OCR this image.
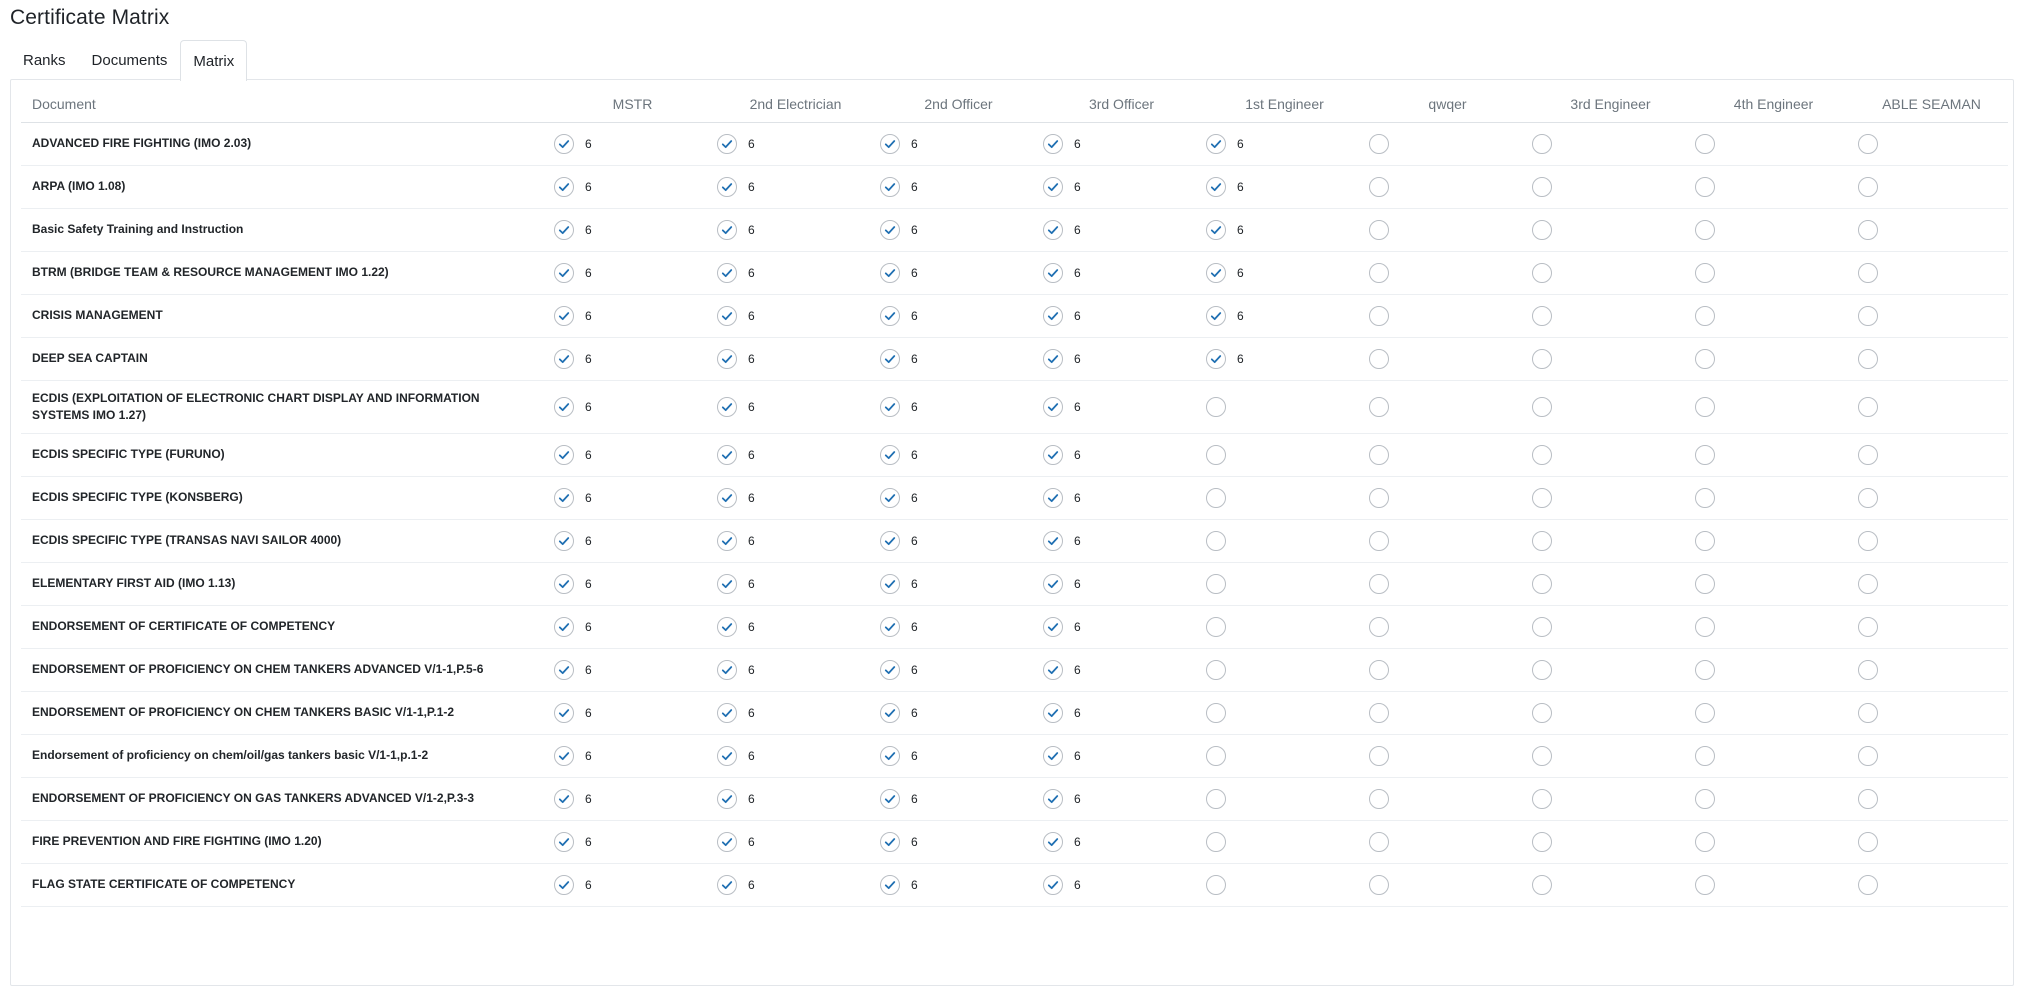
Certificate Matrix
Ranks	Documents	Matrix
Document	MSTR	2nd Electrician	2nd Officer	3rd Officer	1st Engineer	qwqer	3rd Engineer	4th Engineer	ABLE SEAMAN
ADVANCED FIRE FIGHTING (IMO 2.03)	6	6	6	6	6

ARPA (IMO 1.08)	6	6	6	6	6

Basic Safety Training and Instruction	6	6	6	6	6

BTRM (BRIDGE TEAM & RESOURCE MANAGEMENT IMO 1.22)	6	6	6	6	6

CRISIS MANAGEMENT	6	6	6	6	6

DEEP SEA CAPTAIN	6	6	6	6	6

ECDIS (EXPLOITATION OF ELECTRONIC CHART DISPLAY AND INFORMATION SYSTEMS IMO 1.27)	6	6	6	6

ECDIS SPECIFIC TYPE (FURUNO)	6	6	6	6

ECDIS SPECIFIC TYPE (KONSBERG)	6	6	6	6

ECDIS SPECIFIC TYPE (TRANSAS NAVI SAILOR 4000)	6	6	6	6

ELEMENTARY FIRST AID (IMO 1.13)	6	6	6	6

ENDORSEMENT OF CERTIFICATE OF COMPETENCY	6	6	6	6

ENDORSEMENT OF PROFICIENCY ON CHEM TANKERS ADVANCED V/1-1,P.5-6	6	6	6	6

ENDORSEMENT OF PROFICIENCY ON CHEM TANKERS BASIC V/1-1,P.1-2	6	6	6	6

Endorsement of proficiency on chem/oil/gas tankers basic V/1-1,p.1-2	6	6	6	6

ENDORSEMENT OF PROFICIENCY ON GAS TANKERS ADVANCED V/1-2,P.3-3	6	6	6	6

FIRE PREVENTION AND FIRE FIGHTING (IMO 1.20)	6	6	6	6

FLAG STATE CERTIFICATE OF COMPETENCY	6	6	6	6
